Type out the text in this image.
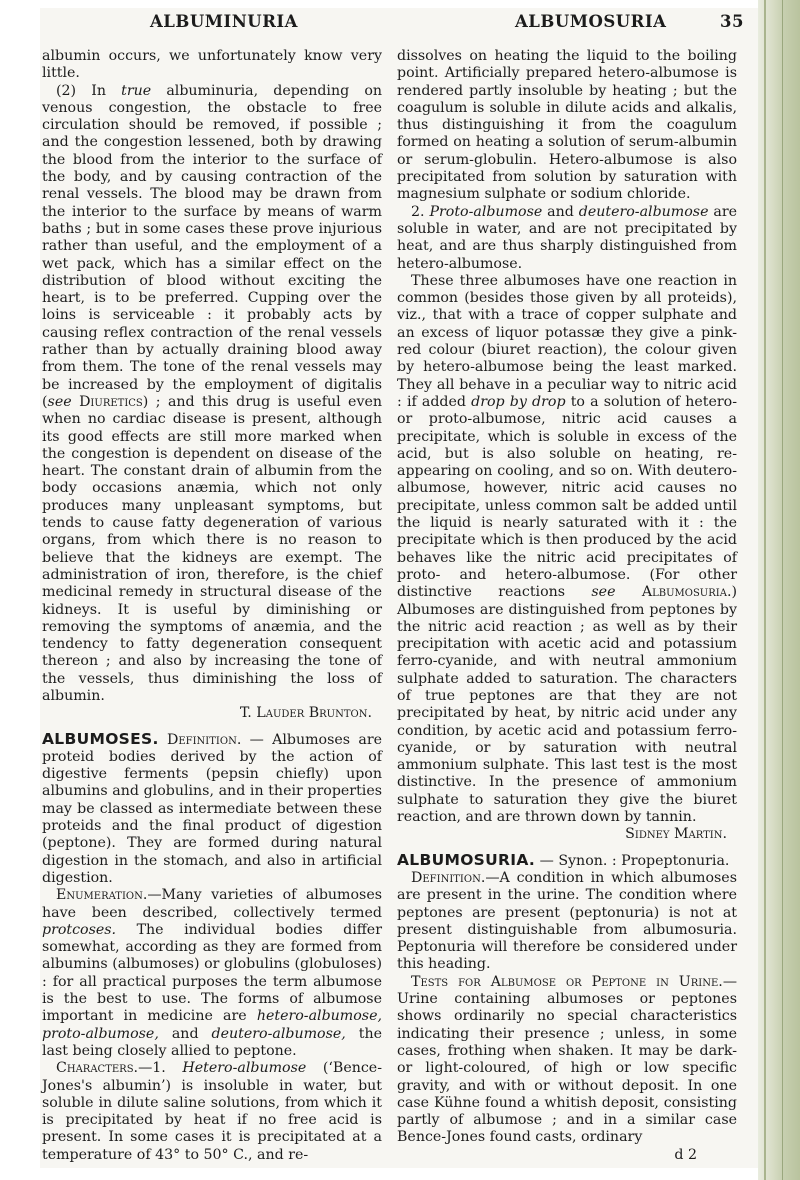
ALBUMINURIA	ALBUMOSURIA	35

albumin occurs, we unfortunately know very little.

(2) In true albuminuria, depending on venous congestion, the obstacle to free circulation should be removed, if possible ; and the congestion lessened, both by drawing the blood from the interior to the surface of the body, and by causing contraction of the renal vessels. The blood may be drawn from the interior to the surface by means of warm baths ; but in some cases these prove injurious rather than useful, and the employment of a wet pack, which has a similar effect on the distribution of blood without exciting the heart, is to be preferred. Cupping over the loins is serviceable : it probably acts by causing reflex contraction of the renal vessels rather than by actually draining blood away from them. The tone of the renal vessels may be increased by the employment of digitalis (see Diuretics) ; and this drug is useful even when no cardiac disease is present, although its good effects are still more marked when the congestion is dependent on disease of the heart. The constant drain of albumin from the body occasions anæmia, which not only produces many unpleasant symptoms, but tends to cause fatty degeneration of various organs, from which there is no reason to believe that the kidneys are exempt. The administration of iron, therefore, is the chief medicinal remedy in structural disease of the kidneys. It is useful by diminishing or removing the symptoms of anæmia, and the tendency to fatty degeneration consequent thereon ; and also by increasing the tone of the vessels, thus diminishing the loss of albumin.

T. Lauder Brunton.

ALBUMOSES. Definition. — Albumoses are proteid bodies derived by the action of digestive ferments (pepsin chiefly) upon albumins and globulins, and in their properties may be classed as intermediate between these proteids and the final product of digestion (peptone). They are formed during natural digestion in the stomach, and also in artificial digestion.

Enumeration.—Many varieties of albumoses have been described, collectively termed protcoses. The individual bodies differ somewhat, according as they are formed from albumins (albumoses) or globulins (globuloses) : for all practical purposes the term albumose is the best to use. The forms of albumose important in medicine are hetero-albumose, proto-albumose, and deutero-albumose, the last being closely allied to peptone.

Characters.—1. Hetero-albumose (‘Bence-Jones's albumin’) is insoluble in water, but soluble in dilute saline solutions, from which it is precipitated by heat if no free acid is present. In some cases it is precipitated at a temperature of 43° to 50° C., and re-

dissolves on heating the liquid to the boiling point. Artificially prepared hetero-albumose is rendered partly insoluble by heating ; but the coagulum is soluble in dilute acids and alkalis, thus distinguishing it from the coagulum formed on heating a solution of serum-albumin or serum-globulin. Hetero-albumose is also precipitated from solution by saturation with magnesium sulphate or sodium chloride.

2. Proto-albumose and deutero-albumose are soluble in water, and are not precipitated by heat, and are thus sharply distinguished from hetero-albumose.

These three albumoses have one reaction in common (besides those given by all proteids), viz., that with a trace of copper sulphate and an excess of liquor potassæ they give a pink-red colour (biuret reaction), the colour given by hetero-albumose being the least marked. They all behave in a peculiar way to nitric acid : if added drop by drop to a solution of hetero- or proto-albumose, nitric acid causes a precipitate, which is soluble in excess of the acid, but is also soluble on heating, re-appearing on cooling, and so on. With deutero-albumose, however, nitric acid causes no precipitate, unless common salt be added until the liquid is nearly saturated with it : the precipitate which is then produced by the acid behaves like the nitric acid precipitates of proto- and hetero-albumose. (For other distinctive reactions see Albumosuria.) Albumoses are distinguished from peptones by the nitric acid reaction ; as well as by their precipitation with acetic acid and potassium ferro-cyanide, and with neutral ammonium sulphate added to saturation. The characters of true peptones are that they are not precipitated by heat, by nitric acid under any condition, by acetic acid and potassium ferro-cyanide, or by saturation with neutral ammonium sulphate. This last test is the most distinctive. In the presence of ammonium sulphate to saturation they give the biuret reaction, and are thrown down by tannin.

Sidney Martin.

ALBUMOSURIA. — Synon. : Propeptonuria.

Definition.—A condition in which albumoses are present in the urine. The condition where peptones are present (peptonuria) is not at present distinguishable from albumosuria. Peptonuria will therefore be considered under this heading.

Tests for Albumose or Peptone in Urine.—Urine containing albumoses or peptones shows ordinarily no special characteristics indicating their presence ; unless, in some cases, frothing when shaken. It may be dark- or light-coloured, of high or low specific gravity, and with or without deposit. In one case Kühne found a whitish deposit, consisting partly of albumose ; and in a similar case Bence-Jones found casts, ordinary

d 2
